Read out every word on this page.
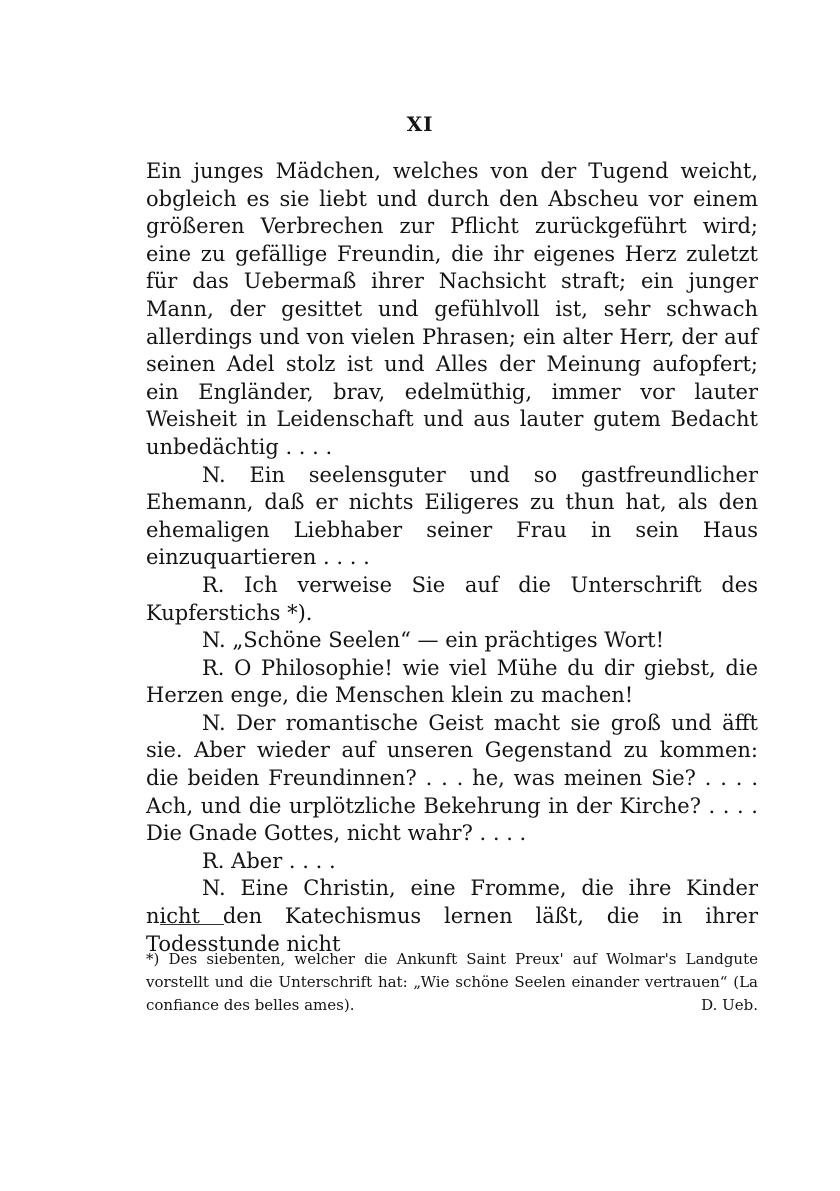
XI

Ein junges Mädchen, welches von der Tugend weicht, obgleich es sie liebt und durch den Abscheu vor einem größeren Verbrechen zur Pflicht zurückgeführt wird; eine zu gefällige Freundin, die ihr eigenes Herz zuletzt für das Uebermaß ihrer Nachsicht straft; ein junger Mann, der gesittet und gefühlvoll ist, sehr schwach allerdings und von vielen Phrasen; ein alter Herr, der auf seinen Adel stolz ist und Alles der Meinung aufopfert; ein Engländer, brav, edelmüthig, immer vor lauter Weisheit in Leidenschaft und aus lauter gutem Bedacht unbedächtig . . . .

N. Ein seelensguter und so gastfreundlicher Ehemann, daß er nichts Eiligeres zu thun hat, als den ehemaligen Liebhaber seiner Frau in sein Haus einzuquartieren . . . .

R. Ich verweise Sie auf die Unterschrift des Kupferstichs *).

N. „Schöne Seelen“ — ein prächtiges Wort!

R. O Philosophie! wie viel Mühe du dir giebst, die Herzen enge, die Menschen klein zu machen!

N. Der romantische Geist macht sie groß und äfft sie. Aber wieder auf unseren Gegenstand zu kommen: die beiden Freundinnen? . . . he, was meinen Sie? . . . . Ach, und die urplötzliche Bekehrung in der Kirche? . . . . Die Gnade Gottes, nicht wahr? . . . .

R. Aber . . . .

N. Eine Christin, eine Fromme, die ihre Kinder nicht den Katechismus lernen läßt, die in ihrer Todesstunde nicht

*) Des siebenten, welcher die Ankunft Saint Preux' auf Wolmar's Landgute vorstellt und die Unterschrift hat: „Wie schöne Seelen einander vertrauen“ (La confiance des belles ames).	D. Ueb.
